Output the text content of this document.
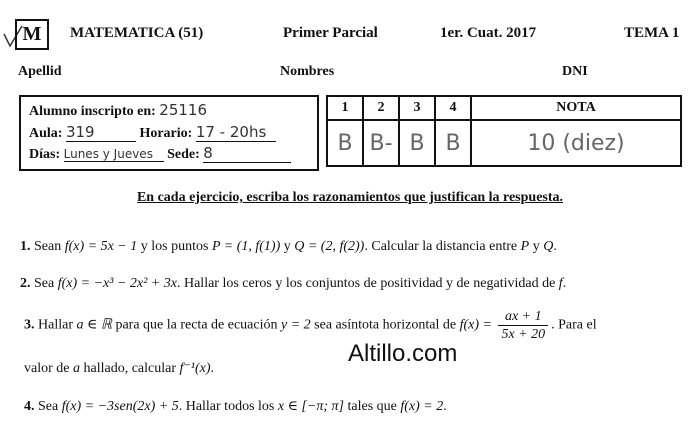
M MATEMATICA (51)	Primer Parcial	1er. Cuat. 2017	TEMA 1
Apellid	Nombres	DNI
Alumno inscripto en: 25116
Aula: 319	Horario: 17 - 20hs
Días: Lunes y Jueves Sede: 8
1	2	3	4	NOTA
B	B-	B	B	10 (diez)
En cada ejercicio, escriba los razonamientos que justifican la respuesta.
1. Sean f(x) = 5x − 1 y los puntos P = (1, f(1)) y Q = (2, f(2)). Calcular la distancia entre P y Q.
2. Sea f(x) = −x³ − 2x² + 3x. Hallar los ceros y los conjuntos de positividad y de negatividad de f.
3. Hallar a ∈ ℝ para que la recta de ecuación y = 2 sea asíntota horizontal de $f(x) = \frac{ax + 1}{5x + 20}$ . Para el
valor de a hallado, calcular f⁻¹(x).
4. Sea f(x) = −3sen(2x) + 5. Hallar todos los x ∈ [−π; π] tales que f(x) = 2.
Altillo.com
